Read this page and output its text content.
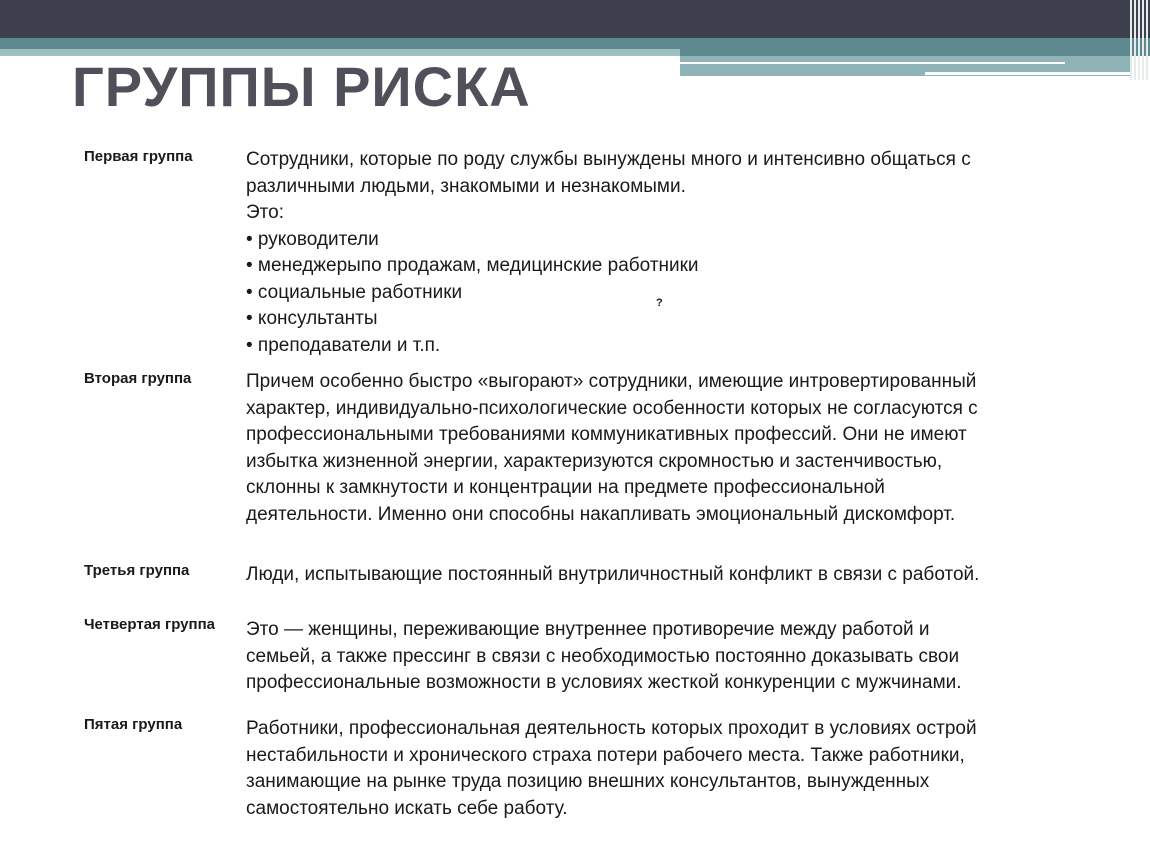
ГРУППЫ РИСКА
Первая группа	Сотрудники, которые по роду службы вынуждены много и интенсивно общаться с
различными людьми, знакомыми и незнакомыми.
Это:
• руководители
• менеджерыпо продажам, медицинские работники
• социальные работники
• консультанты
• преподаватели и т.п.
?
Вторая группа	Причем особенно быстро «выгорают» сотрудники, имеющие интровертированный
характер, индивидуально-психологические особенности которых не согласуются с
профессиональными требованиями коммуникативных профессий. Они не имеют
избытка жизненной энергии, характеризуются скромностью и застенчивостью,
склонны к замкнутости и концентрации на предмете профессиональной
деятельности. Именно они способны накапливать эмоциональный дискомфорт.
Третья группа	Люди, испытывающие постоянный внутриличностный конфликт в связи с работой.
Четвертая группа Это — женщины, переживающие внутреннее противоречие между работой и
семьей, а также прессинг в связи с необходимостью постоянно доказывать свои
профессиональные возможности в условиях жесткой конкуренции с мужчинами.
Пятая группа	Работники, профессиональная деятельность которых проходит в условиях острой
нестабильности и хронического страха потери рабочего места. Также работники,
занимающие на рынке труда позицию внешних консультантов, вынужденных
самостоятельно искать себе работу.
